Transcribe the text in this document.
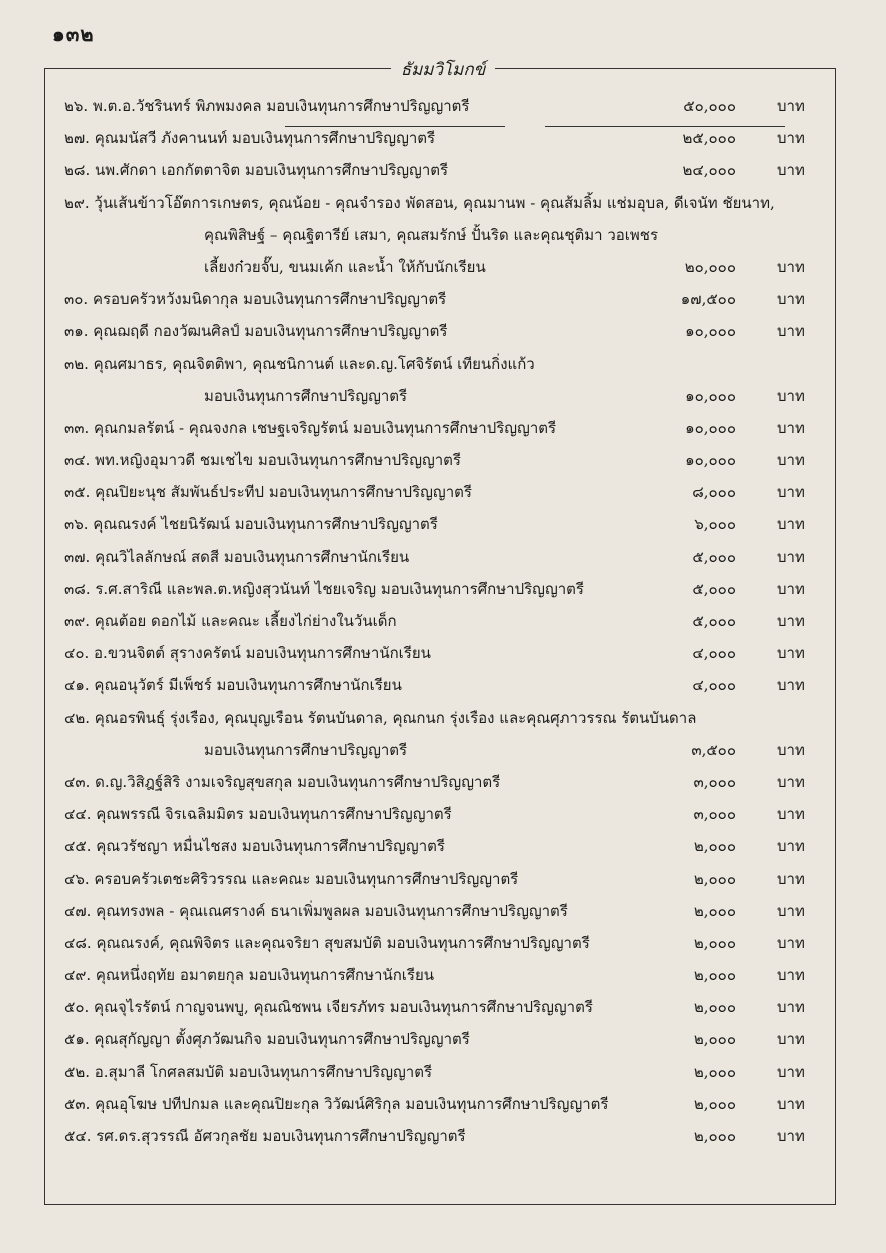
๑๓๒
ธัมมวิโมกข์
๒๖. พ.ต.อ.วัชรินทร์ พิภพมงคล มอบเงินทุนการศึกษาปริญญาตรี	๕๐,๐๐๐	บาท
๒๗. คุณมนัสวี ภังคานนท์ มอบเงินทุนการศึกษาปริญญาตรี	๒๕,๐๐๐	บาท
๒๘. นพ.ศักดา เอกกัตตาจิต มอบเงินทุนการศึกษาปริญญาตรี	๒๔,๐๐๐	บาท
๒๙. วุ้นเส้นข้าวโอ๊ตการเกษตร, คุณน้อย - คุณจำรอง พัดสอน, คุณมานพ - คุณส้มลิ้ม แช่มอุบล, ดีเจนัท ชัยนาท,
คุณพิสิษฐ์ – คุณฐิตารีย์ เสมา, คุณสมรักษ์ ปั้นริด และคุณชุติมา วอเพชร
เลี้ยงก๋วยจั๊บ, ขนมเค้ก และน้ำ ให้กับนักเรียน	๒๐,๐๐๐	บาท
๓๐. ครอบครัวหวังมนิดากุล มอบเงินทุนการศึกษาปริญญาตรี	๑๗,๕๐๐	บาท
๓๑. คุณฌฤดี กองวัฒนศิลป์ มอบเงินทุนการศึกษาปริญญาตรี	๑๐,๐๐๐	บาท
๓๒. คุณศมาธร, คุณจิตติพา, คุณชนิกานต์ และด.ญ.โศจิรัตน์ เทียนกิ่งแก้ว
มอบเงินทุนการศึกษาปริญญาตรี	๑๐,๐๐๐	บาท
๓๓. คุณกมลรัตน์ - คุณจงกล เชษฐเจริญรัตน์ มอบเงินทุนการศึกษาปริญญาตรี	๑๐,๐๐๐	บาท
๓๔. พท.หญิงอุมาวดี ชมเชไข มอบเงินทุนการศึกษาปริญญาตรี	๑๐,๐๐๐	บาท
๓๕. คุณปิยะนุช สัมพันธ์ประทีป มอบเงินทุนการศึกษาปริญญาตรี	๘,๐๐๐	บาท
๓๖. คุณณรงค์ ไชยนิรัฒน์ มอบเงินทุนการศึกษาปริญญาตรี	๖,๐๐๐	บาท
๓๗. คุณวิไลลักษณ์ สดสี มอบเงินทุนการศึกษานักเรียน	๕,๐๐๐	บาท
๓๘. ร.ศ.สาริณี และพล.ต.หญิงสุวนันท์ ไชยเจริญ มอบเงินทุนการศึกษาปริญญาตรี	๕,๐๐๐	บาท
๓๙. คุณต้อย ดอกไม้ และคณะ เลี้ยงไก่ย่างในวันเด็ก	๕,๐๐๐	บาท
๔๐. อ.ขวนจิตต์ สุรางครัตน์ มอบเงินทุนการศึกษานักเรียน	๔,๐๐๐	บาท
๔๑. คุณอนุวัตร์ มีเพ็ชร์ มอบเงินทุนการศึกษานักเรียน	๔,๐๐๐	บาท
๔๒. คุณอรพินธุ์ รุ่งเรือง, คุณบุญเรือน รัตนบันดาล, คุณกนก รุ่งเรือง และคุณศุภาวรรณ รัตนบันดาล
มอบเงินทุนการศึกษาปริญญาตรี	๓,๕๐๐	บาท
๔๓. ด.ญ.วิสิฎฐ์สิริ งามเจริญสุขสกุล มอบเงินทุนการศึกษาปริญญาตรี	๓,๐๐๐	บาท
๔๔. คุณพรรณี จิรเฉลิมมิตร มอบเงินทุนการศึกษาปริญญาตรี	๓,๐๐๐	บาท
๔๕. คุณวรัชญา หมื่นไชสง มอบเงินทุนการศึกษาปริญญาตรี	๒,๐๐๐	บาท
๔๖. ครอบครัวเตชะศิริวรรณ และคณะ มอบเงินทุนการศึกษาปริญญาตรี	๒,๐๐๐	บาท
๔๗. คุณทรงพล - คุณเณศรางค์ ธนาเพิ่มพูลผล มอบเงินทุนการศึกษาปริญญาตรี	๒,๐๐๐	บาท
๔๘. คุณณรงค์, คุณพิจิตร และคุณจริยา สุขสมบัติ มอบเงินทุนการศึกษาปริญญาตรี	๒,๐๐๐	บาท
๔๙. คุณหนึ่งฤทัย อมาตยกุล มอบเงินทุนการศึกษานักเรียน	๒,๐๐๐	บาท
๕๐. คุณจุไรรัตน์ กาญจนพบู, คุณณิชพน เจียรภัทร มอบเงินทุนการศึกษาปริญญาตรี	๒,๐๐๐	บาท
๕๑. คุณสุกัญญา ตั้งศุภวัฒนกิจ มอบเงินทุนการศึกษาปริญญาตรี	๒,๐๐๐	บาท
๕๒. อ.สุมาลี โกศลสมบัติ มอบเงินทุนการศึกษาปริญญาตรี	๒,๐๐๐	บาท
๕๓. คุณอุโฆษ ปทีปกมล และคุณปิยะกุล วิวัฒน์ศิริกุล มอบเงินทุนการศึกษาปริญญาตรี	๒,๐๐๐	บาท
๕๔. รศ.ดร.สุวรรณี อัศวกุลชัย มอบเงินทุนการศึกษาปริญญาตรี	๒,๐๐๐	บาท
